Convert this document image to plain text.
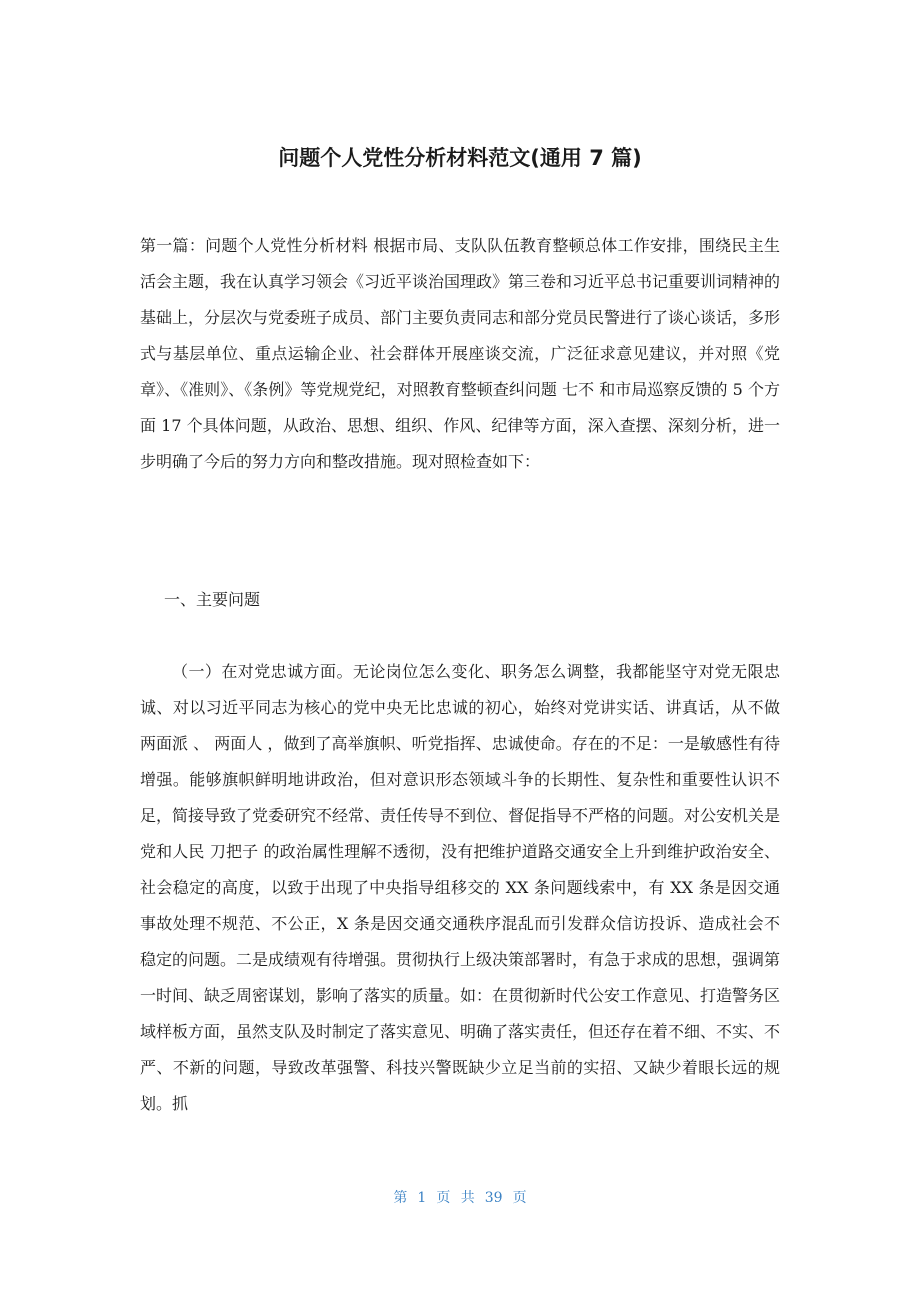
问题个人党性分析材料范文(通用 7 篇)

第一篇：问题个人党性分析材料 根据市局、支队队伍教育整顿总体工作安排，围绕民主生活会主题，我在认真学习领会《习近平谈治国理政》第三卷和习近平总书记重要训词精神的基础上，分层次与党委班子成员、部门主要负责同志和部分党员民警进行了谈心谈话，多形式与基层单位、重点运输企业、社会群体开展座谈交流，广泛征求意见建议，并对照《党章》、《准则》、《条例》等党规党纪，对照教育整顿查纠问题 七不 和市局巡察反馈的 5 个方面 17 个具体问题，从政治、思想、组织、作风、纪律等方面，深入查摆、深刻分析，进一步明确了今后的努力方向和整改措施。现对照检查如下：

一、主要问题

（一）在对党忠诚方面。无论岗位怎么变化、职务怎么调整，我都能坚守对党无限忠诚、对以习近平同志为核心的党中央无比忠诚的初心，始终对党讲实话、讲真话，从不做 两面派 、 两面人 ，做到了高举旗帜、听党指挥、忠诚使命。存在的不足：一是敏感性有待增强。能够旗帜鲜明地讲政治，但对意识形态领域斗争的长期性、复杂性和重要性认识不足，简接导致了党委研究不经常、责任传导不到位、督促指导不严格的问题。对公安机关是党和人民 刀把子 的政治属性理解不透彻，没有把维护道路交通安全上升到维护政治安全、社会稳定的高度，以致于出现了中央指导组移交的 XX 条问题线索中，有 XX 条是因交通事故处理不规范、不公正，X 条是因交通交通秩序混乱而引发群众信访投诉、造成社会不稳定的问题。二是成绩观有待增强。贯彻执行上级决策部署时，有急于求成的思想，强调第一时间、缺乏周密谋划，影响了落实的质量。如：在贯彻新时代公安工作意见、打造警务区域样板方面，虽然支队及时制定了落实意见、明确了落实责任，但还存在着不细、不实、不严、不新的问题，导致改革强警、科技兴警既缺少立足当前的实招、又缺少着眼长远的规划。抓

第 1 页 共 39 页
